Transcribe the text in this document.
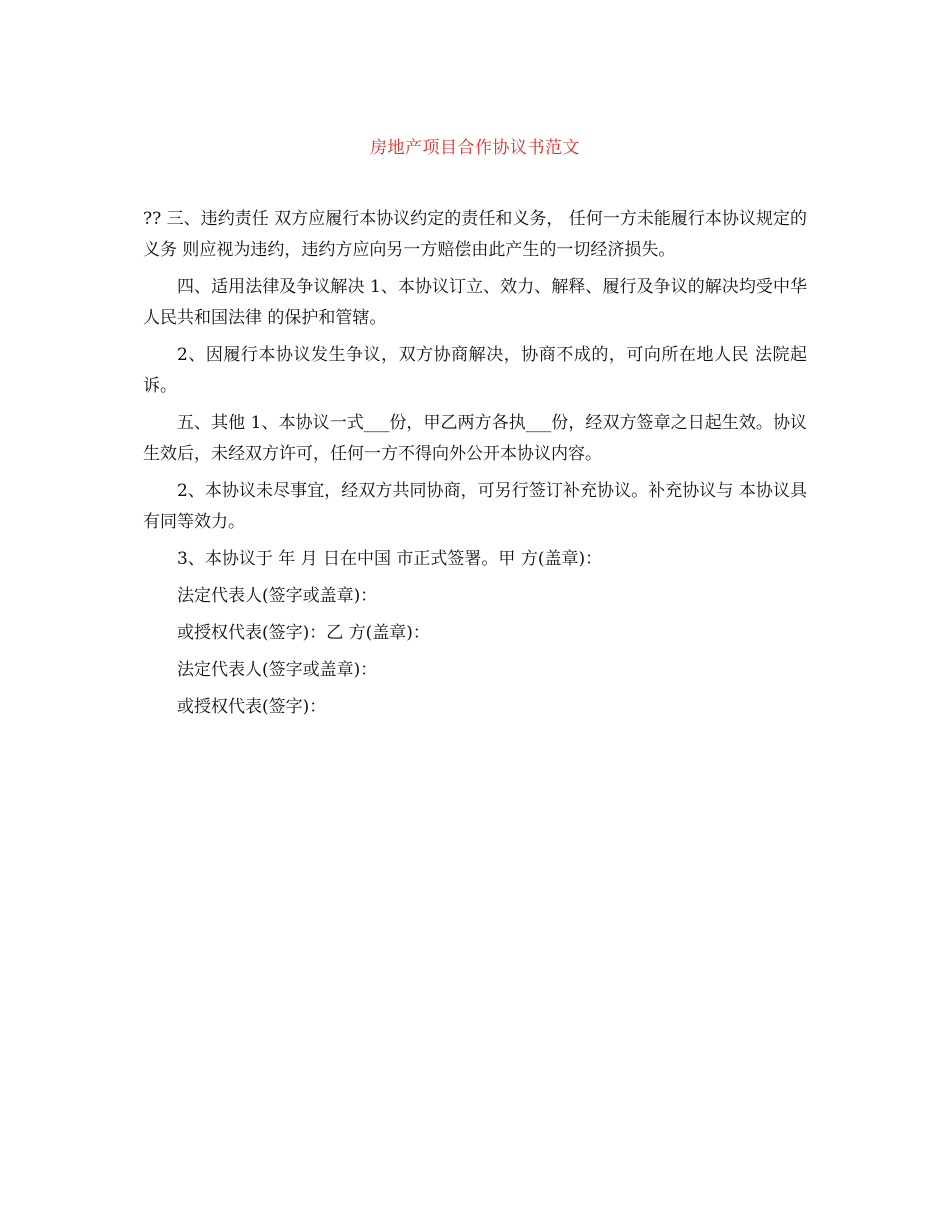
房地产项目合作协议书范文

?? 三、违约责任 双方应履行本协议约定的责任和义务， 任何一方未能履行本协议规定的义务 则应视为违约，违约方应向另一方赔偿由此产生的一切经济损失。

四、适用法律及争议解决 1、本协议订立、效力、解释、履行及争议的解决均受中华人民共和国法律 的保护和管辖。

2、因履行本协议发生争议，双方协商解决，协商不成的，可向所在地人民 法院起诉。

五、其他 1、本协议一式___份，甲乙两方各执___份，经双方签章之日起生效。协议 生效后，未经双方许可，任何一方不得向外公开本协议内容。

2、本协议未尽事宜，经双方共同协商，可另行签订补充协议。补充协议与 本协议具有同等效力。

3、本协议于 年 月 日在中国 市正式签署。甲 方(盖章)：
法定代表人(签字或盖章)：
或授权代表(签字)：乙 方(盖章)：
法定代表人(签字或盖章)：
或授权代表(签字)：
